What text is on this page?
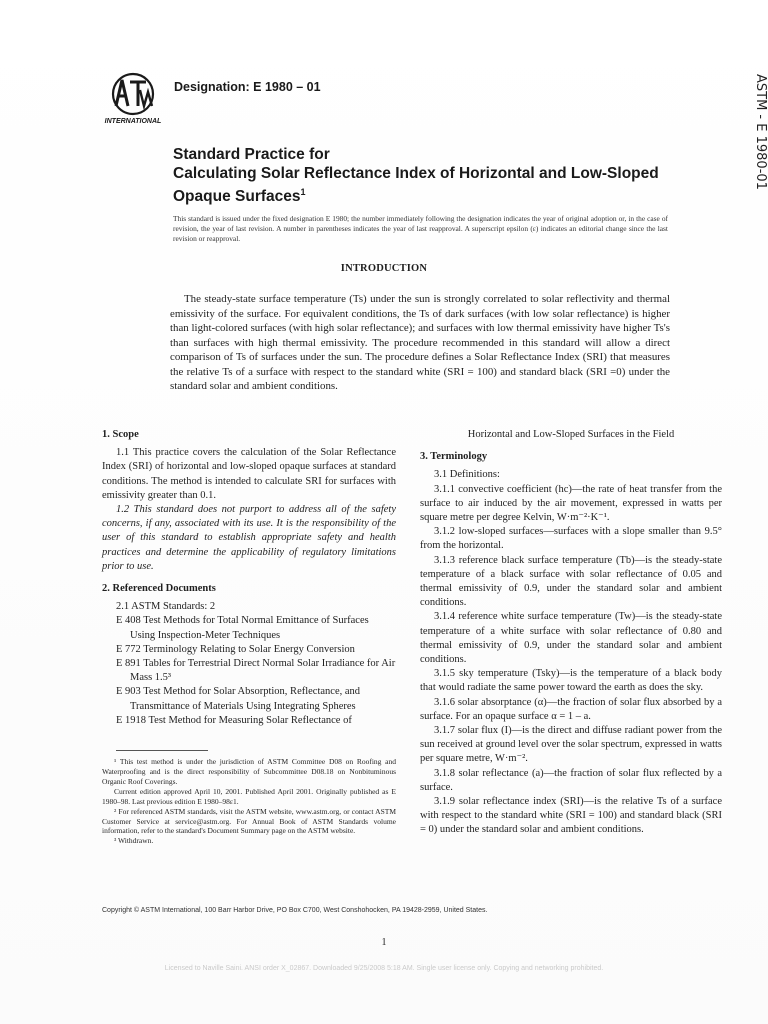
INTERNATIONAL
Designation: E 1980 – 01	ASTM - E 1980-01
Standard Practice for
Calculating Solar Reflectance Index of Horizontal and Low-Sloped Opaque Surfaces$^1$
This standard is issued under the fixed designation E 1980; the number immediately following the designation indicates the year of original adoption or, in the case of revision, the year of last revision. A number in parentheses indicates the year of last reapproval. A superscript epsilon (ε) indicates an editorial change since the last revision or reapproval.
INTRODUCTION
The steady-state surface temperature (Ts) under the sun is strongly correlated to solar reflectivity and thermal emissivity of the surface. For equivalent conditions, the Ts of dark surfaces (with low solar reflectance) is higher than light-colored surfaces (with high solar reflectance); and surfaces with low thermal emissivity have higher Ts's than surfaces with high thermal emissivity. The procedure recommended in this standard will allow a direct comparison of Ts of surfaces under the sun. The procedure defines a Solar Reflectance Index (SRI) that measures the relative Ts of a surface with respect to the standard white (SRI = 100) and standard black (SRI =0) under the standard solar and ambient conditions.
1. Scope

1.1 This practice covers the calculation of the Solar Reflectance Index (SRI) of horizontal and low-sloped opaque surfaces at standard conditions. The method is intended to calculate SRI for surfaces with emissivity greater than 0.1.

1.2 This standard does not purport to address all of the safety concerns, if any, associated with its use. It is the responsibility of the user of this standard to establish appropriate safety and health practices and determine the applicability of regulatory limitations prior to use.

2. Referenced Documents

2.1 ASTM Standards: 2

E 408 Test Methods for Total Normal Emittance of Surfaces Using Inspection-Meter Techniques

E 772 Terminology Relating to Solar Energy Conversion

E 891 Tables for Terrestrial Direct Normal Solar Irradiance for Air Mass 1.5³

E 903 Test Method for Solar Absorption, Reflectance, and Transmittance of Materials Using Integrating Spheres

E 1918 Test Method for Measuring Solar Reflectance of

¹ This test method is under the jurisdiction of ASTM Committee D08 on Roofing and Waterproofing and is the direct responsibility of Subcommittee D08.18 on Nonbituminous Organic Roof Coverings.

Current edition approved April 10, 2001. Published April 2001. Originally published as E 1980–98. Last previous edition E 1980–98ε1.

² For referenced ASTM standards, visit the ASTM website, www.astm.org, or contact ASTM Customer Service at service@astm.org. For Annual Book of ASTM Standards volume information, refer to the standard's Document Summary page on the ASTM website.

³ Withdrawn.

Horizontal and Low-Sloped Surfaces in the Field

3. Terminology

3.1 Definitions:

3.1.1 convective coefficient (hc)—the rate of heat transfer from the surface to air induced by the air movement, expressed in watts per square metre per degree Kelvin, W·m⁻²·K⁻¹.

3.1.2 low-sloped surfaces—surfaces with a slope smaller than 9.5° from the horizontal.

3.1.3 reference black surface temperature (Tb)—is the steady-state temperature of a black surface with solar reflectance of 0.05 and thermal emissivity of 0.9, under the standard solar and ambient conditions.

3.1.4 reference white surface temperature (Tw)—is the steady-state temperature of a white surface with solar reflectance of 0.80 and thermal emissivity of 0.9, under the standard solar and ambient conditions.

3.1.5 sky temperature (Tsky)—is the temperature of a black body that would radiate the same power toward the earth as does the sky.

3.1.6 solar absorptance (α)—the fraction of solar flux absorbed by a surface. For an opaque surface α = 1 – a.

3.1.7 solar flux (I)—is the direct and diffuse radiant power from the sun received at ground level over the solar spectrum, expressed in watts per square metre, W·m⁻².

3.1.8 solar reflectance (a)—the fraction of solar flux reflected by a surface.

3.1.9 solar reflectance index (SRI)—is the relative Ts of a surface with respect to the standard white (SRI = 100) and standard black (SRI = 0) under the standard solar and ambient conditions.

Copyright © ASTM International, 100 Barr Harbor Drive, PO Box C700, West Conshohocken, PA 19428-2959, United States.
1
Licensed to Naville Saini. ANSI order X_02867. Downloaded 9/25/2008 5:18 AM. Single user license only. Copying and networking prohibited.
